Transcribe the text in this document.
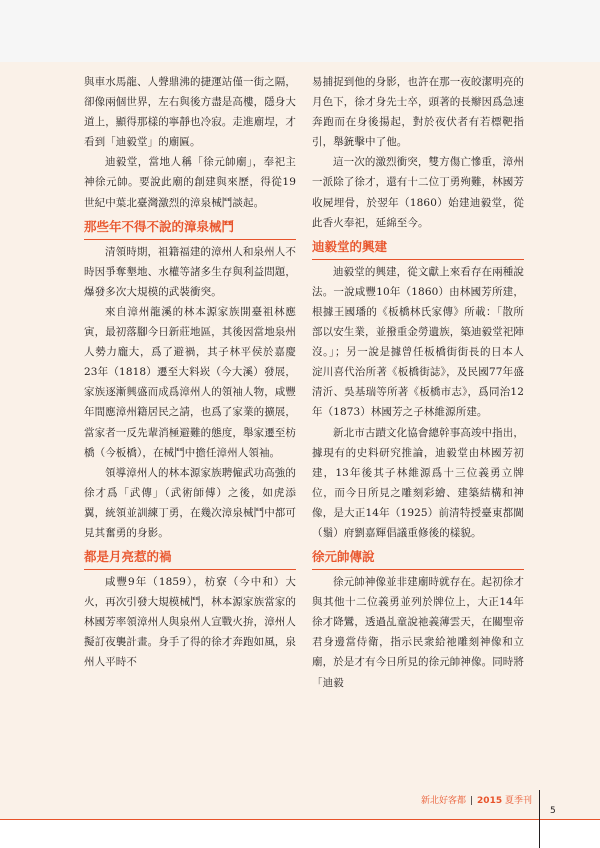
與車水馬龍、人聲鼎沸的捷運站僅一街之隔，卻像兩個世界，左右與後方盡是高樓，隱身大道上，顯得那樣的寧靜也冷寂。走進廟埕，才看到「迪毅堂」的廟匾。

迪毅堂，當地人稱「徐元帥廟」，奉祀主神徐元帥。要說此廟的創建與來歷，得從19世紀中葉北臺灣激烈的漳泉械鬥談起。

那些年不得不說的漳泉械鬥

清領時期，祖籍福建的漳州人和泉州人不時因爭奪墾地、水權等諸多生存與利益問題，爆發多次大規模的武裝衝突。

來自漳州龍溪的林本源家族開臺祖林應寅，最初落腳今日新莊地區，其後因當地泉州人勢力龐大，爲了避禍，其子林平侯於嘉慶23年（1818）遷至大料崁（今大溪）發展，家族逐漸興盛而成爲漳州人的領袖人物，咸豐年間應漳州籍居民之請，也爲了家業的擴展，當家者一反先輩消極避難的態度，舉家遷至枋橋（今板橋），在械鬥中擔任漳州人領袖。

領導漳州人的林本源家族聘僱武功高強的徐才爲「武傳」（武術師傅）之後，如虎添翼，統領並訓練丁勇，在幾次漳泉械鬥中都可見其奮勇的身影。

都是月亮惹的禍

咸豐9年（1859），枋寮（今中和）大火，再次引發大規模械鬥，林本源家族當家的林國芳率領漳州人與泉州人宣戰火拚，漳州人擬訂夜襲計畫。身手了得的徐才奔跑如風，泉州人平時不

易捕捉到他的身影，也許在那一夜皎潔明亮的月色下，徐才身先士卒，頭著的長辮因爲急速奔跑而在身後揚起，對於夜伏者有若標靶指引，舉銃擊中了他。

這一次的激烈衝突，雙方傷亡慘重，漳州一派除了徐才，還有十二位丁勇殉難，林國芳收屍埋骨，於翌年（1860）始建迪毅堂，從此香火奉祀，延綿至今。

迪毅堂的興建

迪毅堂的興建，從文獻上來看存在兩種說法。一說咸豐10年（1860）由林國芳所建，根據王國璠的《板橋林氏家傳》所載：「散所部以安生業，並撥重金勞遺族，築迪毅堂祀陣沒。」；另一說是據曾任板橋街街長的日本人淀川喜代治所著《板橋街誌》，及民國77年盛清沂、吳基瑞等所著《板橋市志》，爲同治12年（1873）林國芳之子林維源所建。

新北市古蹟文化協會總幹事高竣中指出，據現有的史料研究推論，迪毅堂由林國芳初建，13年後其子林維源爲十三位義勇立牌位，而今日所見之雕刻彩繪、建築結構和神像，是大正14年（1925）前清特授臺東都閫（鬚）府劉嘉輝倡議重修後的樣貌。

徐元帥傳說

徐元帥神像並非建廟時就存在。起初徐才與其他十二位義勇並列於牌位上，大正14年徐才降鸞，透過乩童說祂義薄雲天，在關聖帝君身邊當侍衛，指示民衆給祂雕刻神像和立廟，於是才有今日所見的徐元帥神像。同時將「迪毅

新北好客都 | 2015 夏季刊
5
